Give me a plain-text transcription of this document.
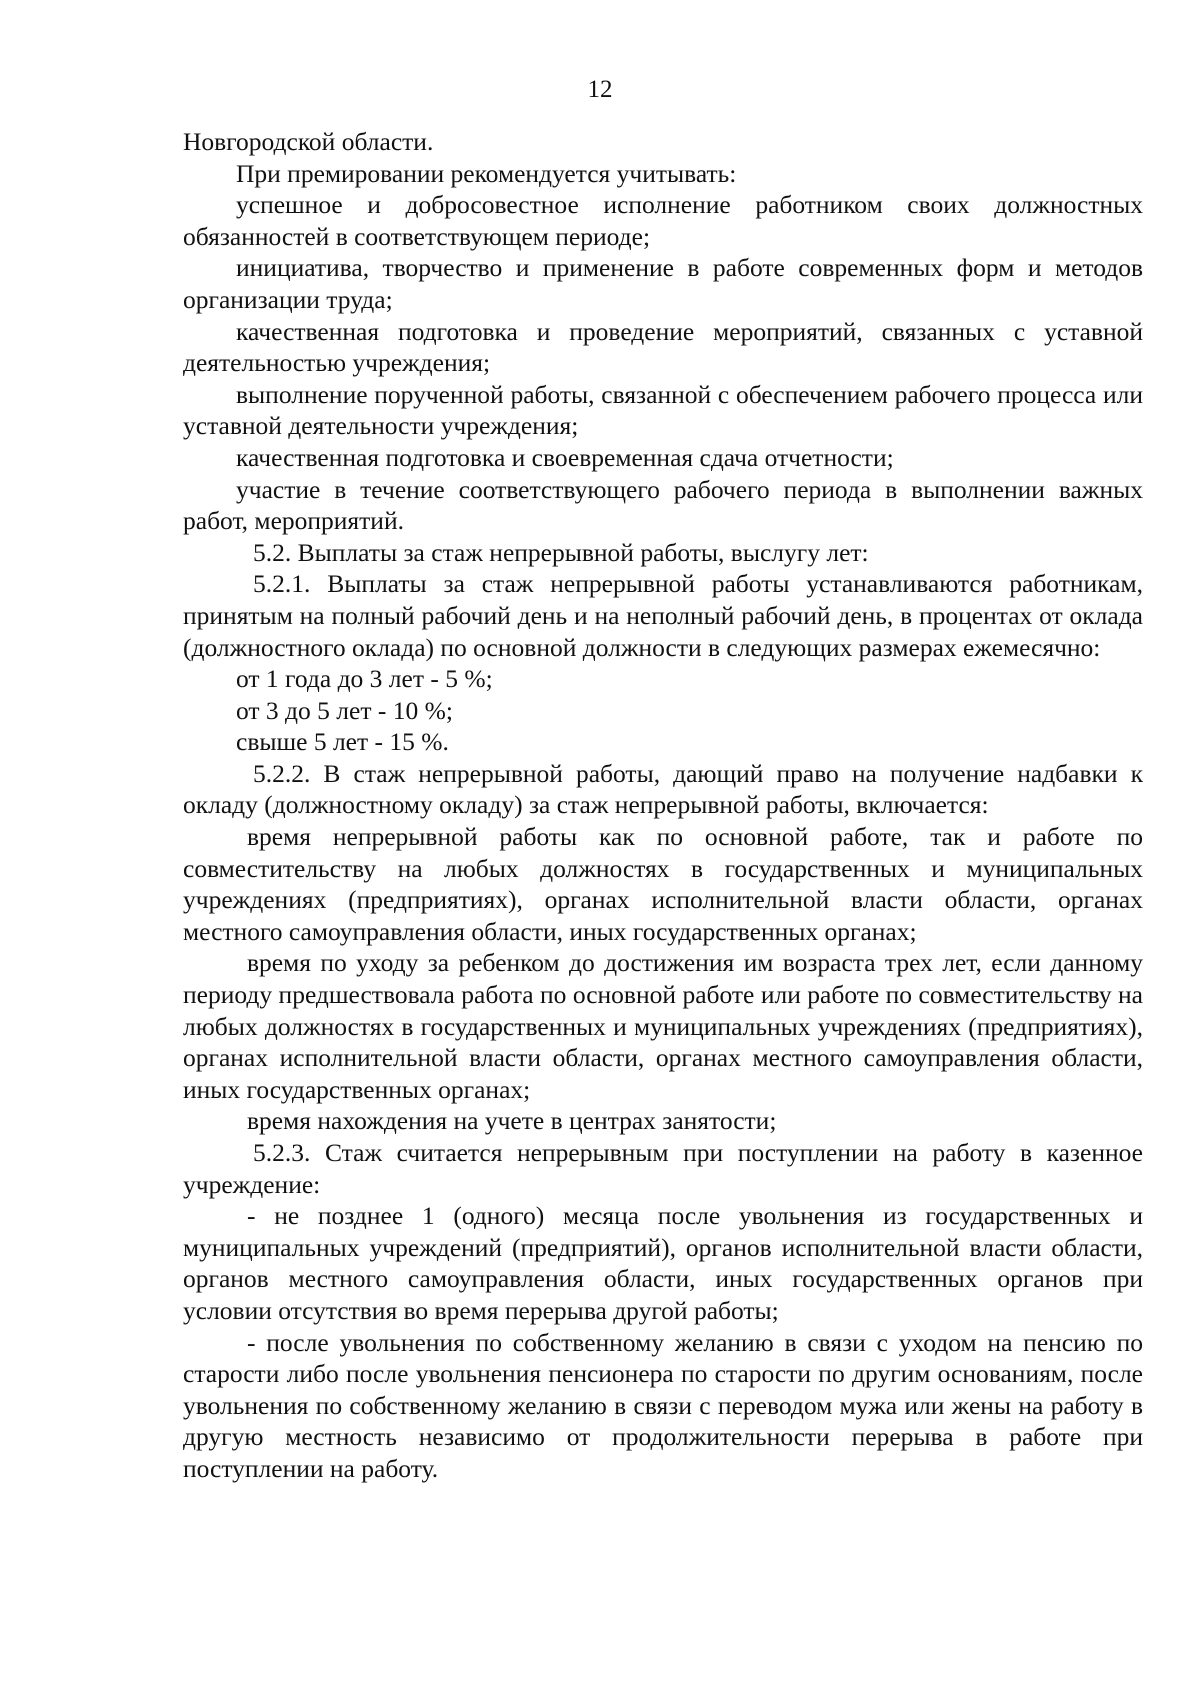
12

Новгородской области.

При премировании рекомендуется учитывать:

успешное и добросовестное исполнение работником своих должностных обязанностей в соответствующем периоде;

инициатива, творчество и применение в работе современных форм и методов организации труда;

качественная подготовка и проведение мероприятий, связанных с уставной деятельностью учреждения;

выполнение порученной работы, связанной с обеспечением рабочего процесса или уставной деятельности учреждения;

качественная подготовка и своевременная сдача отчетности;

участие в течение соответствующего рабочего периода в выполнении важных работ, мероприятий.

5.2. Выплаты за стаж непрерывной работы, выслугу лет:

5.2.1. Выплаты за стаж непрерывной работы устанавливаются работникам, принятым на полный рабочий день и на неполный рабочий день, в процентах от оклада (должностного оклада) по основной должности в следующих размерах ежемесячно:

от 1 года до 3 лет - 5 %;

от 3 до 5 лет - 10 %;

свыше 5 лет - 15 %.

5.2.2. В стаж непрерывной работы, дающий право на получение надбавки к окладу (должностному окладу) за стаж непрерывной работы, включается:

время непрерывной работы как по основной работе, так и работе по совместительству на любых должностях в государственных и муниципальных учреждениях (предприятиях), органах исполнительной власти области, органах местного самоуправления области, иных государственных органах;

время по уходу за ребенком до достижения им возраста трех лет, если данному периоду предшествовала работа по основной работе или работе по совместительству на любых должностях в государственных и муниципальных учреждениях (предприятиях), органах исполнительной власти области, органах местного самоуправления области, иных государственных органах;

время нахождения на учете в центрах занятости;

5.2.3. Стаж считается непрерывным при поступлении на работу в казенное учреждение:

- не позднее 1 (одного) месяца после увольнения из государственных и муниципальных учреждений (предприятий), органов исполнительной власти области, органов местного самоуправления области, иных государственных органов при условии отсутствия во время перерыва другой работы;

- после увольнения по собственному желанию в связи с уходом на пенсию по старости либо после увольнения пенсионера по старости по другим основаниям, после увольнения по собственному желанию в связи с переводом мужа или жены на работу в другую местность независимо от продолжительности перерыва в работе при поступлении на работу.
